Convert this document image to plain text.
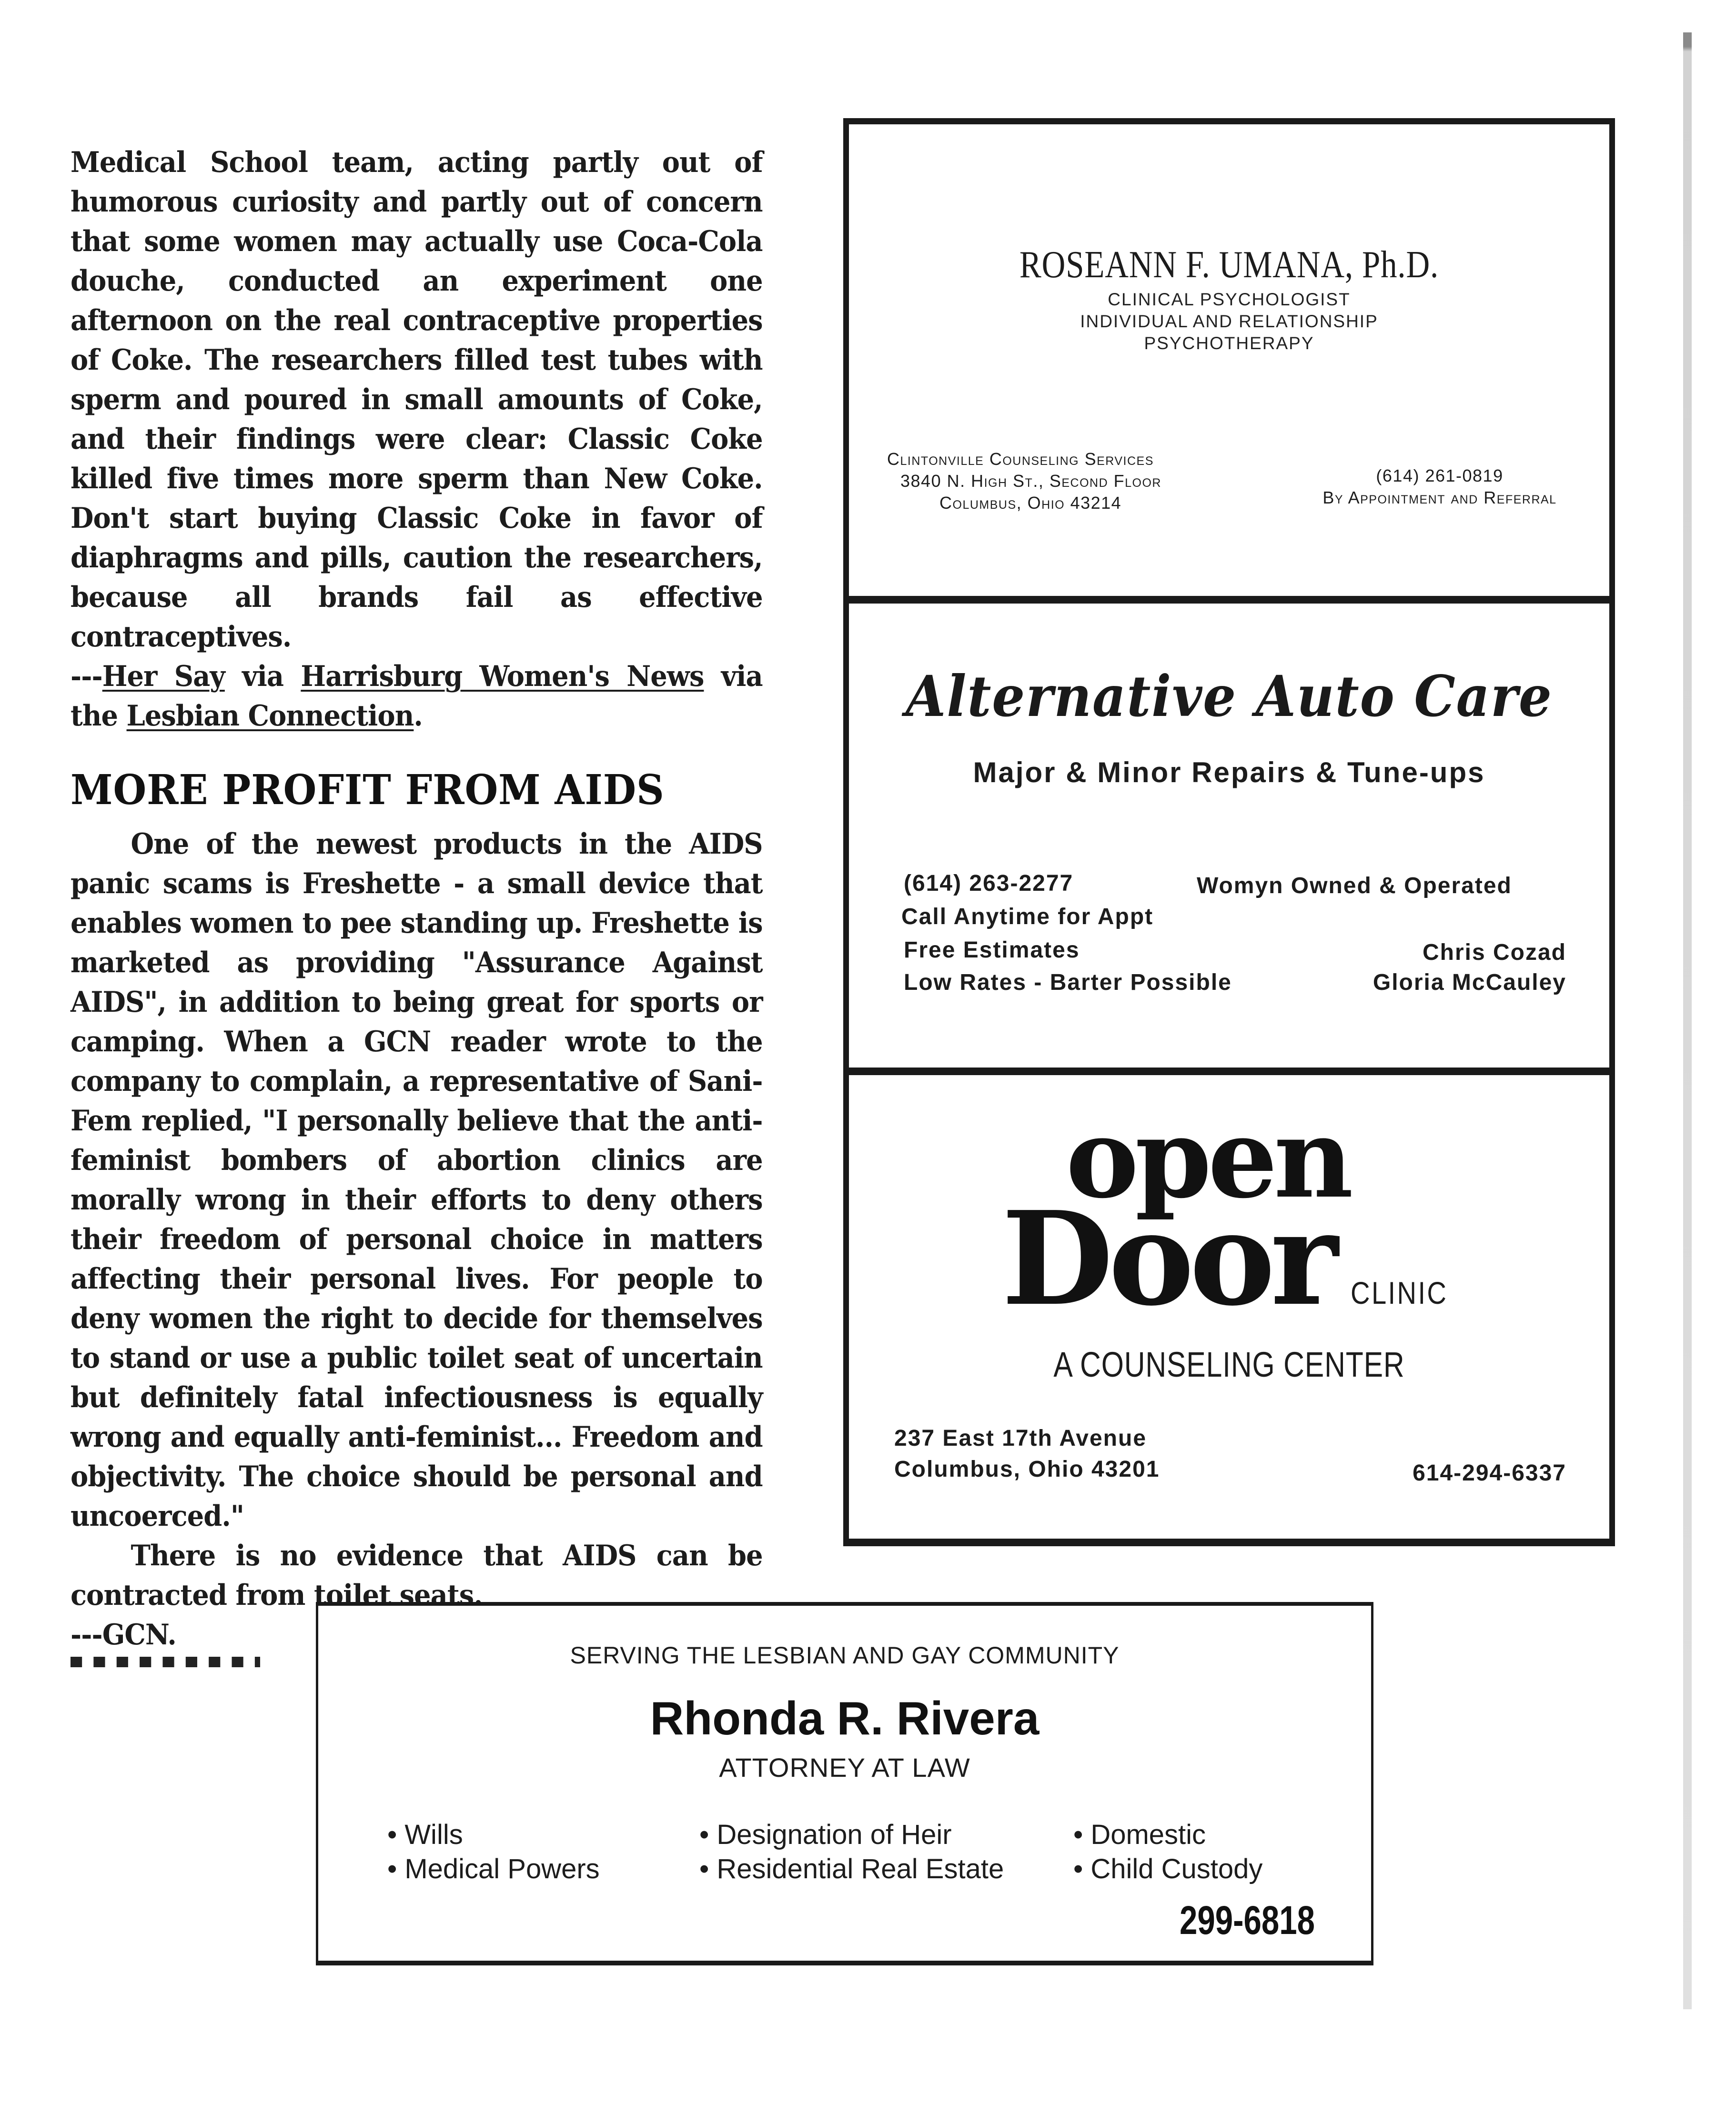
Medical School team, acting partly out of humorous curiosity and partly out of concern that some women may actually use Coca-Cola douche, conducted an experiment one afternoon on the real contraceptive properties of Coke. The researchers filled test tubes with sperm and poured in small amounts of Coke, and their findings were clear: Classic Coke killed five times more sperm than New Coke. Don't start buying Classic Coke in favor of diaphragms and pills, caution the researchers, because all brands fail as effective contraceptives.

---Her Say via Harrisburg Women's News via the Lesbian Connection.

MORE PROFIT FROM AIDS

One of the newest products in the AIDS panic scams is Freshette - a small device that enables women to pee standing up. Freshette is marketed as providing "Assurance Against AIDS", in addition to being great for sports or camping. When a GCN reader wrote to the company to complain, a representative of Sani-Fem replied, "I personally believe that the anti-feminist bombers of abortion clinics are morally wrong in their efforts to deny others their freedom of personal choice in matters affecting their personal lives. For people to deny women the right to decide for themselves to stand or use a public toilet seat of uncertain but definitely fatal infectiousness is equally wrong and equally anti-feminist... Freedom and objectivity. The choice should be personal and uncoerced."

There is no evidence that AIDS can be contracted from toilet seats.

---GCN.

ROSEANN F. UMANA, Ph.D.
CLINICAL PSYCHOLOGIST
INDIVIDUAL AND RELATIONSHIP
PSYCHOTHERAPY
Clintonville Counseling Services
3840 N. High St., Second Floor
Columbus, Ohio 43214
(614) 261-0819
By Appointment and Referral
Alternative Auto Care
Major & Minor Repairs & Tune-ups
(614) 263-2277	Womyn Owned & Operated
Call Anytime for Appt
Free Estimates	Chris Cozad
Low Rates - Barter Possible	Gloria McCauley
open
Door CLINIC
A COUNSELING CENTER
237 East 17th Avenue
Columbus, Ohio 43201	614-294-6337
SERVING THE LESBIAN AND GAY COMMUNITY
Rhonda R. Rivera
ATTORNEY AT LAW
• Wills
• Medical Powers
• Designation of Heir
• Residential Real Estate
• Domestic
• Child Custody
299-6818
